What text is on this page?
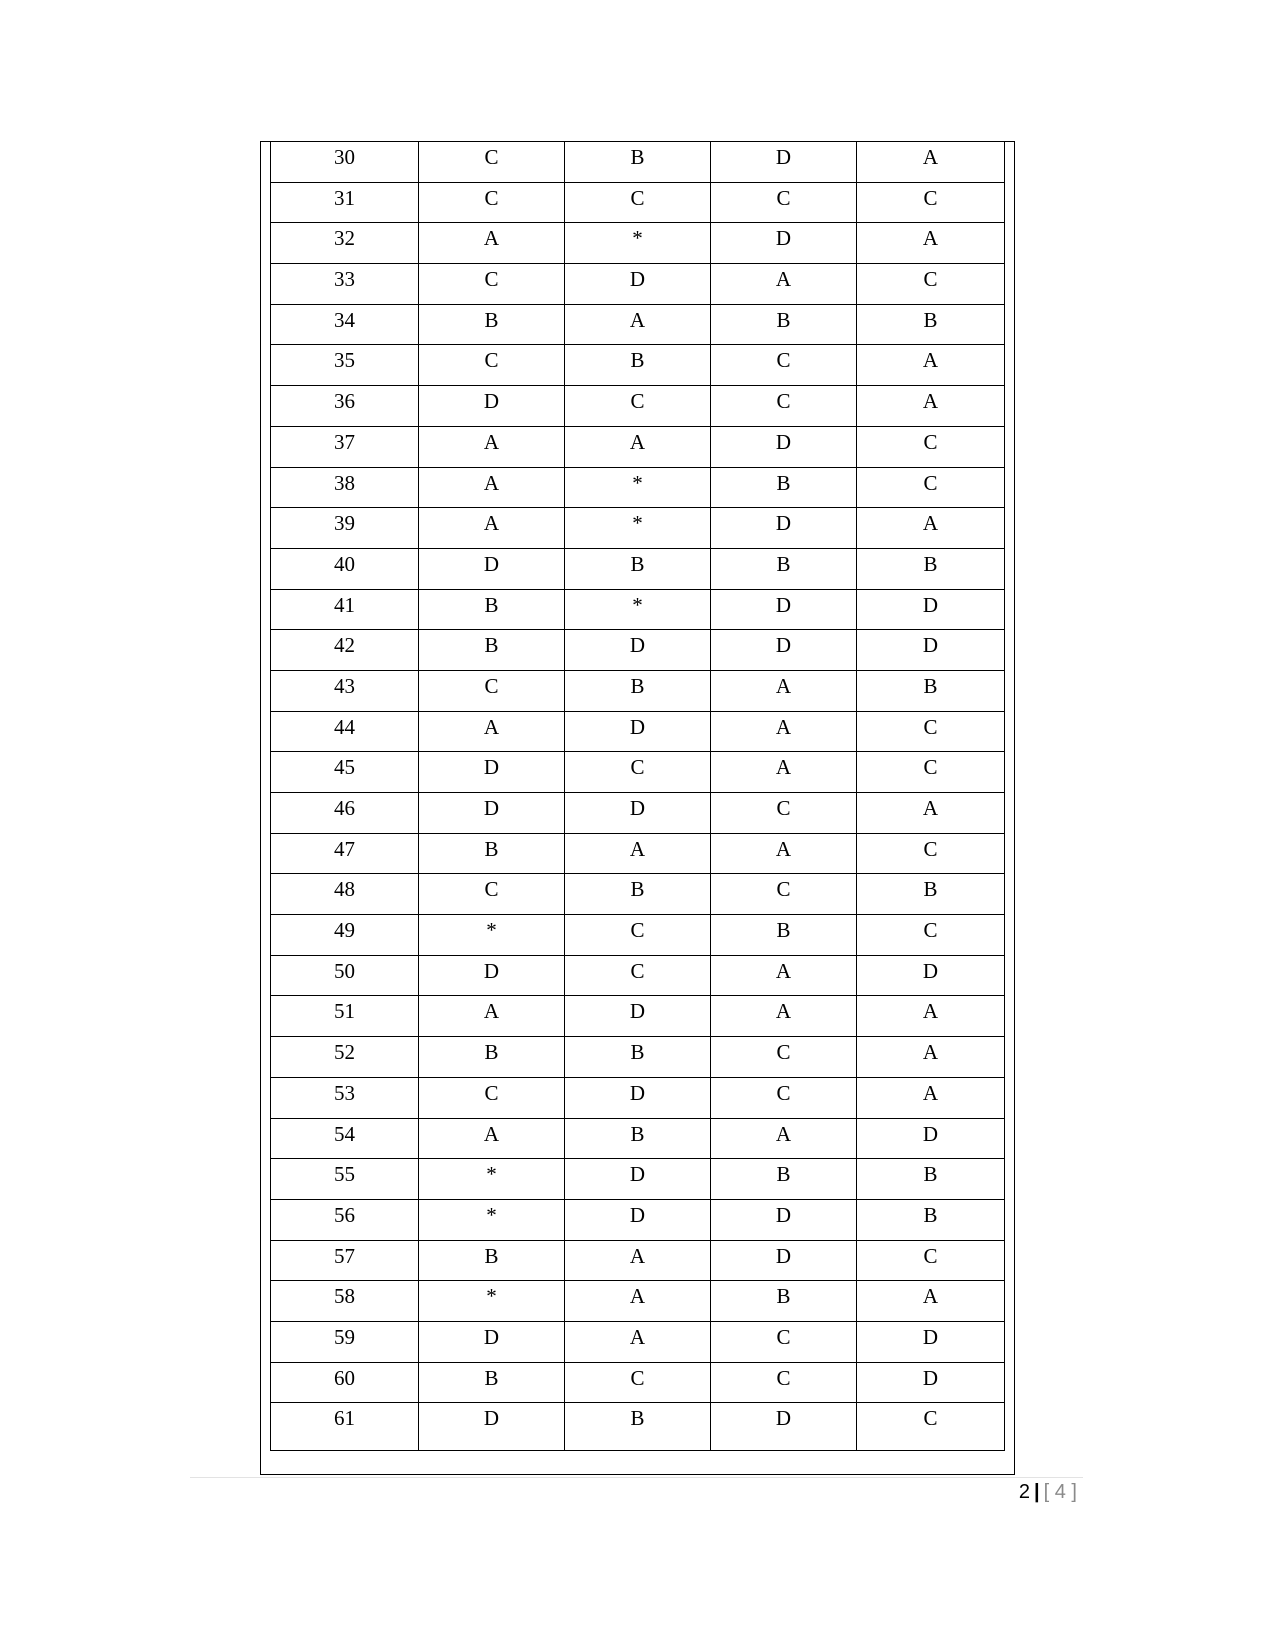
30	C	B	D	A
31	C	C	C	C
32	A	*	D	A
33	C	D	A	C
34	B	A	B	B
35	C	B	C	A
36	D	C	C	A
37	A	A	D	C
38	A	*	B	C
39	A	*	D	A
40	D	B	B	B
41	B	*	D	D
42	B	D	D	D
43	C	B	A	B
44	A	D	A	C
45	D	C	A	C
46	D	D	C	A
47	B	A	A	C
48	C	B	C	B
49	*	C	B	C
50	D	C	A	D
51	A	D	A	A
52	B	B	C	A
53	C	D	C	A
54	A	B	A	D
55	*	D	B	B
56	*	D	D	B
57	B	A	D	C
58	*	A	B	A
59	D	A	C	D
60	B	C	C	D
61	D	B	D	C
2 | [ 4 ]
